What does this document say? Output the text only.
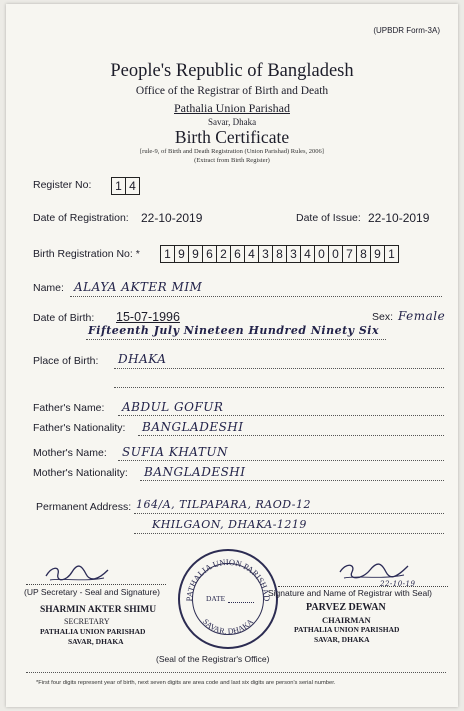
(UPBDR Form-3A)
People's Republic of Bangladesh
Office of the Registrar of Birth and Death
Pathalia Union Parishad
Savar, Dhaka
Birth Certificate
[rule-9, of Birth and Death Registration (Union Parishad) Rules, 2006]
(Extract from Birth Register)
Register No:	1 4
Date of Registration: 22-10-2019	Date of Issue: 22-10-2019
Birth Registration No: *	1 9 9 6 2 6 4 3 8 3 4 0 0 7 8 9 1
Name: ALAYA AKTER MIM
Date of Birth: 15-07-1996	Sex: Female
Fifteenth July Nineteen Hundred Ninety Six
Place of Birth: DHAKA
Father's Name: ABDUL GOFUR
Father's Nationality: BANGLADESHI
Mother's Name: SUFIA KHATUN
Mother's Nationality: BANGLADESHI
Permanent Address: 164/A, TILPAPARA, RAOD-12
KHILGAON, DHAKA-1219
(UP Secretary - Seal and Signature)
SHARMIN AKTER SHIMU
SECRETARY
PATHALIA UNION PARISHAD
SAVAR, DHAKA
PATHALIA UNION PARISHAD
SAVAR, DHAKA
DATE
(Seal of the Registrar's Office)
22-10-19
Signature and Name of Registrar with Seal)
PARVEZ DEWAN
CHAIRMAN
PATHALIA UNION PARISHAD
SAVAR, DHAKA
*First four digits represent year of birth, next seven digits are area code and last six digits are person's serial number.
